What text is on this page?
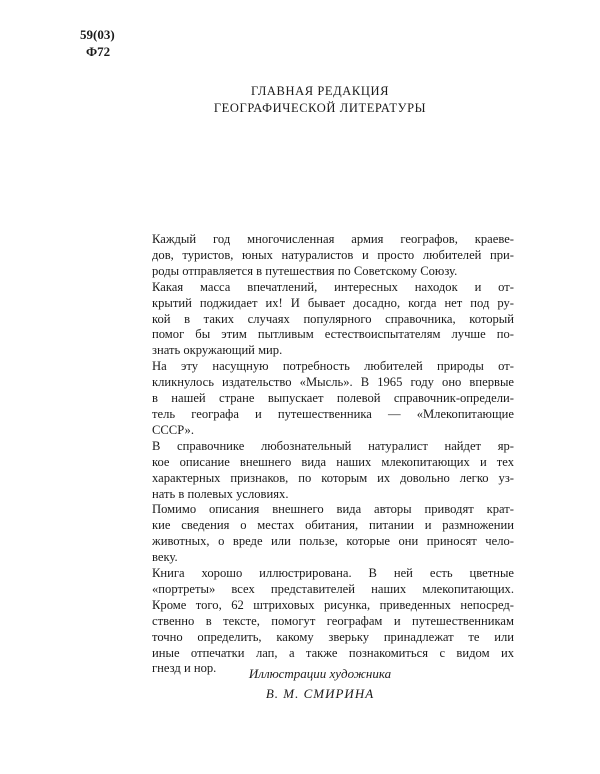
59(03)
Ф72
ГЛАВНАЯ РЕДАКЦИЯ
ГЕОГРАФИЧЕСКОЙ ЛИТЕРАТУРЫ

Каждый год многочисленная армия географов, краеве-
дов, туристов, юных натуралистов и просто любителей при-
роды отправляется в путешествия по Советскому Союзу.

Какая масса впечатлений, интересных находок и от-
крытий поджидает их! И бывает досадно, когда нет под ру-
кой в таких случаях популярного справочника, который
помог бы этим пытливым естествоиспытателям лучше по-
знать окружающий мир.

На эту насущную потребность любителей природы от-
кликнулось издательство «Мысль». В 1965 году оно впервые
в нашей стране выпускает полевой справочник-определи-
тель географа и путешественника — «Млекопитающие
СССР».

В справочнике любознательный натуралист найдет яр-
кое описание внешнего вида наших млекопитающих и тех
характерных признаков, по которым их довольно легко уз-
нать в полевых условиях.

Помимо описания внешнего вида авторы приводят крат-
кие сведения о местах обитания, питании и размножении
животных, о вреде или пользе, которые они приносят чело-
веку.

Книга хорошо иллюстрирована. В ней есть цветные
«портреты» всех представителей наших млекопитающих.
Кроме того, 62 штриховых рисунка, приведенных непосред-
ственно в тексте, помогут географам и путешественникам
точно определить, какому зверьку принадлежат те или
иные отпечатки лап, а также познакомиться с видом их
гнезд и нор.	Иллюстрации художника
В. М. СМИРИНА
